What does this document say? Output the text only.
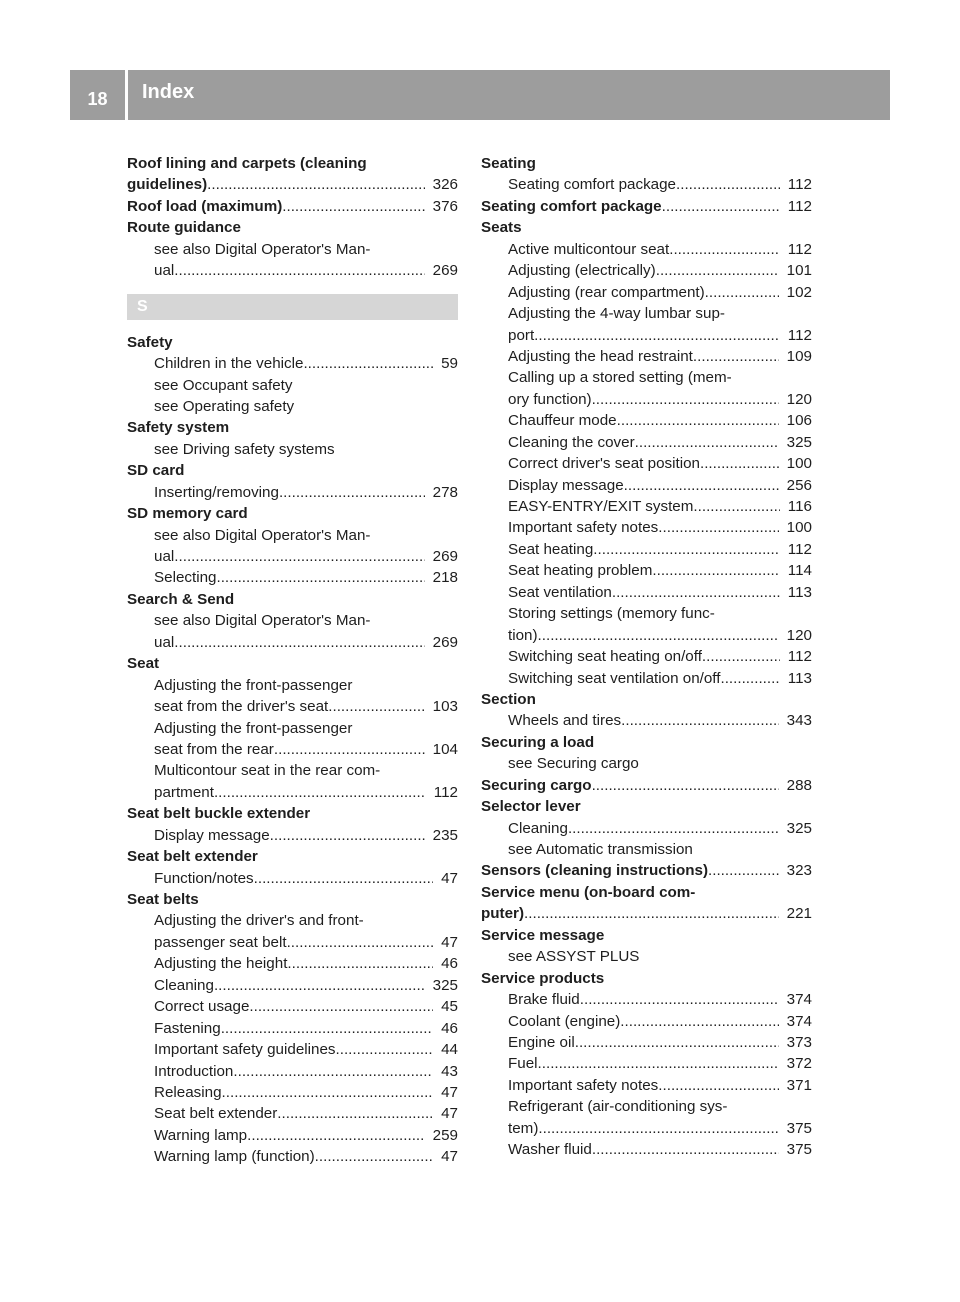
18	Index
Roof lining and carpets (cleaning
guidelines) .....	326
Roof load (maximum) .....	376
Route guidance
see also Digital Operator's Man-
ual .....	269
S
Safety
Children in the vehicle .....	59
see Occupant safety
see Operating safety
Safety system
see Driving safety systems
SD card
Inserting/removing .....	278
SD memory card
see also Digital Operator's Man-
ual .....	269
Selecting .....	218
Search & Send
see also Digital Operator's Man-
ual .....	269
Seat
Adjusting the front-passenger
seat from the driver's seat .....	103
Adjusting the front-passenger
seat from the rear .....	104
Multicontour seat in the rear com-
partment .....	112
Seat belt buckle extender
Display message .....	235
Seat belt extender
Function/notes .....	47
Seat belts
Adjusting the driver's and front-
passenger seat belt .....	47
Adjusting the height .....	46
Cleaning .....	325
Correct usage .....	45
Fastening .....	46
Important safety guidelines .....	44
Introduction .....	43
Releasing .....	47
Seat belt extender .....	47
Warning lamp .....	259
Warning lamp (function) .....	47
Seating
Seating comfort package .....	112
Seating comfort package .....	112
Seats
Active multicontour seat .....	112
Adjusting (electrically) .....	101
Adjusting (rear compartment) .....	102
Adjusting the 4-way lumbar sup-
port .....	112
Adjusting the head restraint .....	109
Calling up a stored setting (mem-
ory function) .....	120
Chauffeur mode .....	106
Cleaning the cover .....	325
Correct driver's seat position .....	100
Display message .....	256
EASY-ENTRY/EXIT system .....	116
Important safety notes .....	100
Seat heating .....	112
Seat heating problem .....	114
Seat ventilation .....	113
Storing settings (memory func-
tion) .....	120
Switching seat heating on/off .....	112
Switching seat ventilation on/off .....	113
Section
Wheels and tires .....	343
Securing a load
see Securing cargo
Securing cargo .....	288
Selector lever
Cleaning .....	325
see Automatic transmission
Sensors (cleaning instructions) .....	323
Service menu (on-board com-
puter) .....	221
Service message
see ASSYST PLUS
Service products
Brake fluid .....	374
Coolant (engine) .....	374
Engine oil .....	373
Fuel .....	372
Important safety notes .....	371
Refrigerant (air-conditioning sys-
tem) .....	375
Washer fluid .....	375
